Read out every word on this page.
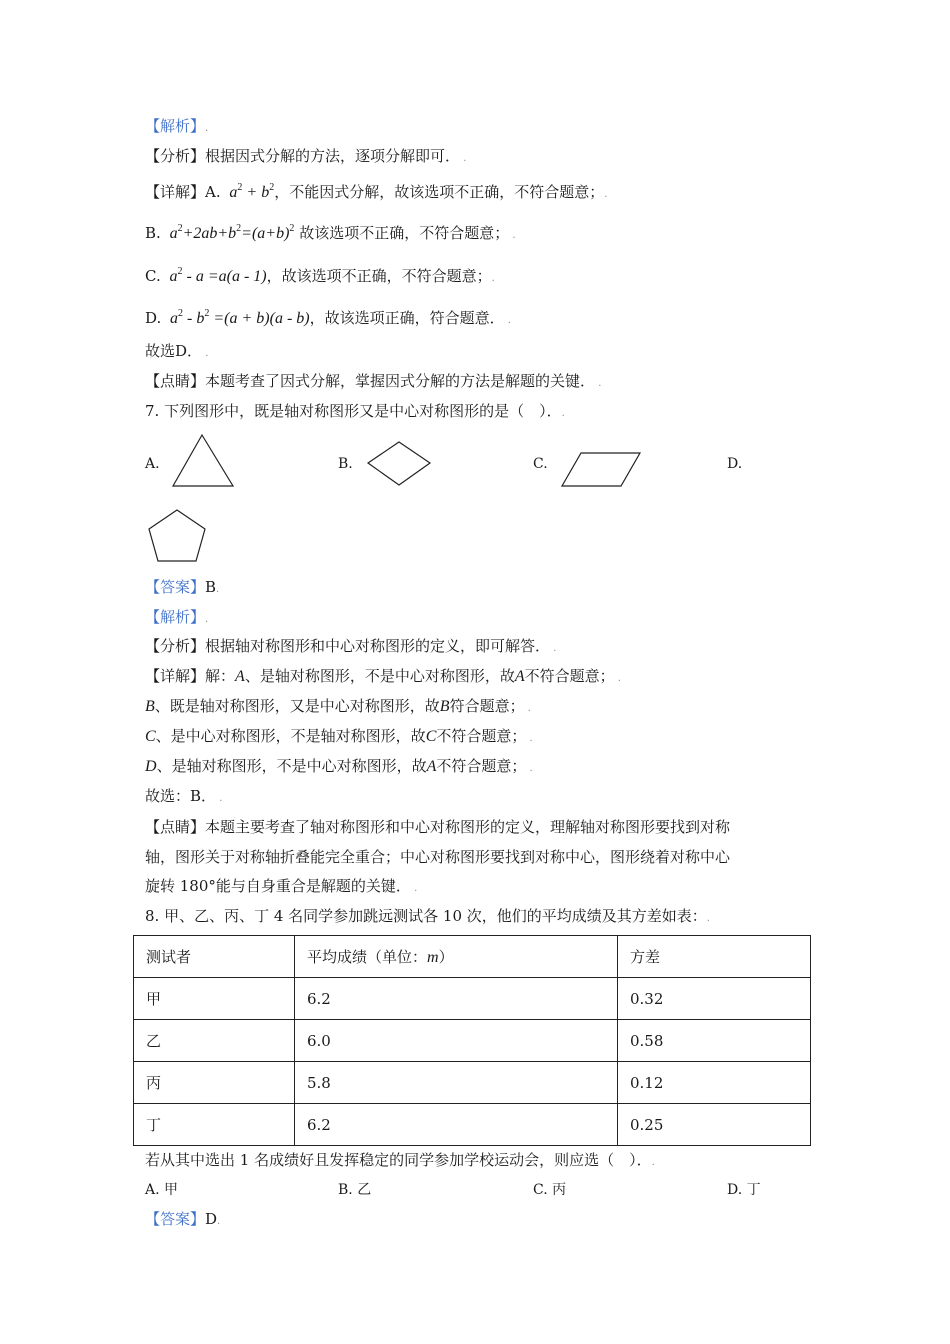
【解析】.
【分析】根据因式分解的方法，逐项分解即可． .
【详解】A.  $a^2 + b^2$，不能因式分解，故该选项不正确，不符合题意；.
B.  $a^2+2ab+b^2=(a+b)^2$ 故该选项不正确，不符合题意； .
C.  $a^2 - a =a(a - 1)$，故该选项不正确，不符合题意；.
D.  $a^2 - b^2 =(a + b)(a - b)$，故该选项正确，符合题意． .
故选D． .
【点睛】本题考查了因式分解，掌握因式分解的方法是解题的关键． .
7. 下列图形中，既是轴对称图形又是中心对称图形的是（　）．.
A.	B.	C.	D.
【答案】B.
【解析】.
【分析】根据轴对称图形和中心对称图形的定义，即可解答． .
【详解】解：A、是轴对称图形，不是中心对称图形，故A不符合题意； .
B、既是轴对称图形，又是中心对称图形，故B符合题意； .
C、是中心对称图形，不是轴对称图形，故C不符合题意； .
D、是轴对称图形，不是中心对称图形，故A不符合题意； .
故选：B． .
【点睛】本题主要考查了轴对称图形和中心对称图形的定义，理解轴对称图形要找到对称
轴，图形关于对称轴折叠能完全重合；中心对称图形要找到对称中心，图形绕着对称中心
旋转 180°能与自身重合是解题的关键． .
8. 甲、乙、丙、丁 4 名同学参加跳远测试各 10 次，他们的平均成绩及其方差如表：.
测试者	平均成绩（单位：m）	方差
甲	6.2	0.32
乙	6.0	0.58
丙	5.8	0.12
丁	6.2	0.25
若从其中选出 1 名成绩好且发挥稳定的同学参加学校运动会，则应选（　）．.
A. 甲	B. 乙	C. 丙	D. 丁
【答案】D.
